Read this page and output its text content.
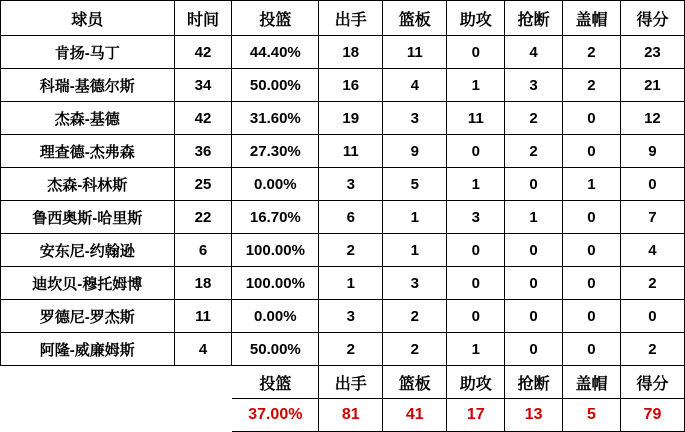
球员	时间	投篮	出手	篮板	助攻	抢断	盖帽	得分
肯扬-马丁	42	44.40%	18	11	0	4	2	23
科瑞-基德尔斯	34	50.00%	16	4	1	3	2	21
杰森-基德	42	31.60%	19	3	11	2	0	12
理查德-杰弗森	36	27.30%	11	9	0	2	0	9
杰森-科林斯	25	0.00%	3	5	1	0	1	0
鲁西奥斯-哈里斯	22	16.70%	6	1	3	1	0	7
安东尼-约翰逊	6	100.00%	2	1	0	0	0	4
迪坎贝-穆托姆博	18	100.00%	1	3	0	0	0	2
罗德尼-罗杰斯	11	0.00%	3	2	0	0	0	0
阿隆-威廉姆斯	4	50.00%	2	2	1	0	0	2
		投篮	出手	篮板	助攻	抢断	盖帽	得分
		37.00%	81	41	17	13	5	79
